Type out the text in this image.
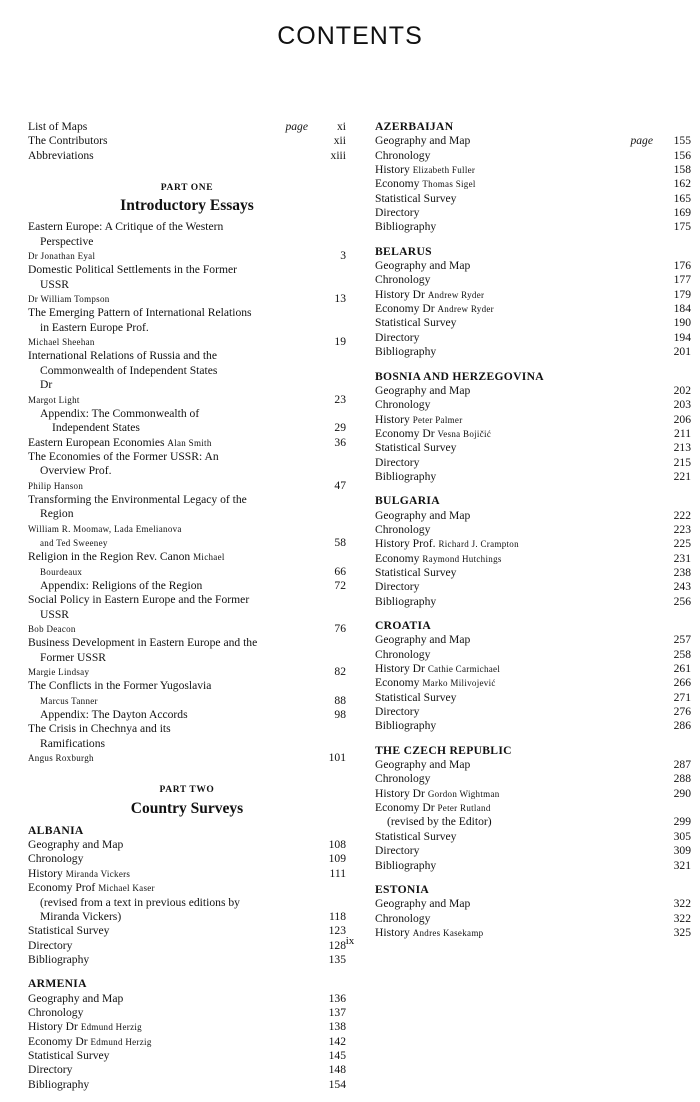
CONTENTS
List of Maps	page	xi
The Contributors	xii
Abbreviations	xiii
PART ONE
Introductory Essays
Eastern Europe: A Critique of the Western
Perspective
Dr Jonathan Eyal	3
Domestic Political Settlements in the Former
USSR
Dr William Tompson	13
The Emerging Pattern of International Relations
in Eastern Europe Prof.
Michael Sheehan	19
International Relations of Russia and the
Commonwealth of Independent States
Dr
Margot Light	23
Appendix: The Commonwealth of
Independent States	29
Eastern European Economies Alan Smith	36
The Economies of the Former USSR: An
Overview Prof.
Philip Hanson	47
Transforming the Environmental Legacy of the
Region
William R. Moomaw, Lada Emelianova
and Ted Sweeney	58
Religion in the Region Rev. Canon Michael
Bourdeaux	66
Appendix: Religions of the Region	72
Social Policy in Eastern Europe and the Former
USSR
Bob Deacon	76
Business Development in Eastern Europe and the
Former USSR
Margie Lindsay	82
The Conflicts in the Former Yugoslavia
Marcus Tanner	88
Appendix: The Dayton Accords	98
The Crisis in Chechnya and its
Ramifications
Angus Roxburgh	101
PART TWO
Country Surveys
ALBANIA
Geography and Map	108
Chronology	109
History Miranda Vickers	111
Economy Prof Michael Kaser
(revised from a text in previous editions by
Miranda Vickers)	118
Statistical Survey	123
Directory	128
Bibliography	135
ARMENIA
Geography and Map	136
Chronology	137
History Dr Edmund Herzig	138
Economy Dr Edmund Herzig	142
Statistical Survey	145
Directory	148
Bibliography	154
AZERBAIJAN
Geography and Map	page	155
Chronology	156
History Elizabeth Fuller	158
Economy Thomas Sigel	162
Statistical Survey	165
Directory	169
Bibliography	175
BELARUS
Geography and Map	176
Chronology	177
History Dr Andrew Ryder	179
Economy Dr Andrew Ryder	184
Statistical Survey	190
Directory	194
Bibliography	201
BOSNIA AND HERZEGOVINA
Geography and Map	202
Chronology	203
History Peter Palmer	206
Economy Dr Vesna Bojičić	211
Statistical Survey	213
Directory	215
Bibliography	221
BULGARIA
Geography and Map	222
Chronology	223
History Prof. Richard J. Crampton	225
Economy Raymond Hutchings	231
Statistical Survey	238
Directory	243
Bibliography	256
CROATIA
Geography and Map	257
Chronology	258
History Dr Cathie Carmichael	261
Economy Marko Milivojević	266
Statistical Survey	271
Directory	276
Bibliography	286
THE CZECH REPUBLIC
Geography and Map	287
Chronology	288
History Dr Gordon Wightman	290
Economy Dr Peter Rutland
(revised by the Editor)	299
Statistical Survey	305
Directory	309
Bibliography	321
ESTONIA
Geography and Map	322
Chronology	322
History Andres Kasekamp	325
ix
